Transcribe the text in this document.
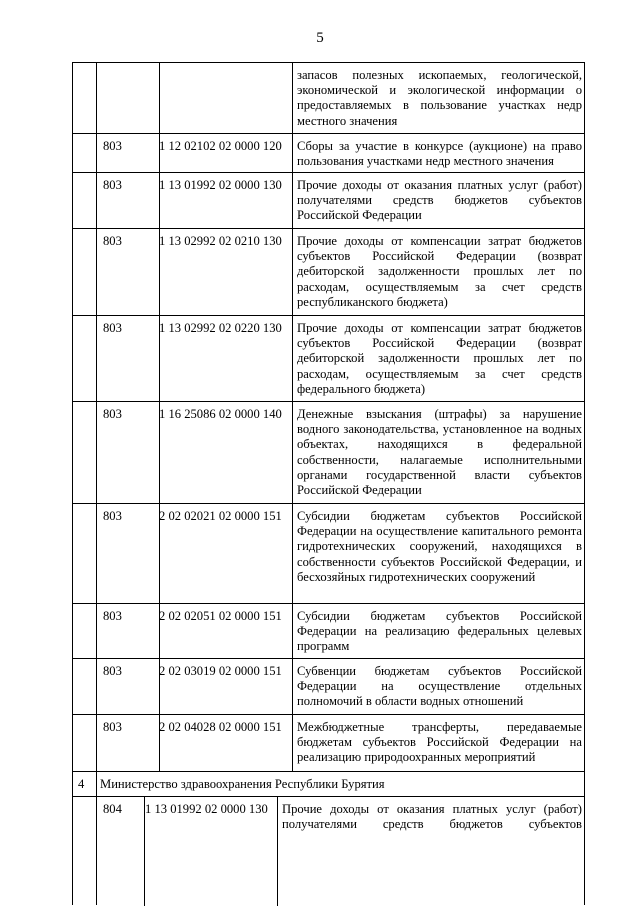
5
запасов полезных ископаемых, геологической, экономической и экологической информации о предоставляемых в пользование участках недр местного значения
803	1 12 02102 02 0000 120 Сборы за участие в конкурсе (аукционе) на право пользования участками недр местного значения
803	1 13 01992 02 0000 130 Прочие доходы от оказания платных услуг (работ) получателями средств бюджетов субъектов Российской Федерации
803	1 13 02992 02 0210 130 Прочие доходы от компенсации затрат бюджетов субъектов Российской Федерации (возврат дебиторской задолженности прошлых лет по расходам, осуществляемым за счет средств республиканского бюджета)
803	1 13 02992 02 0220 130 Прочие доходы от компенсации затрат бюджетов субъектов Российской Федерации (возврат дебиторской задолженности прошлых лет по расходам, осуществляемым за счет средств федерального бюджета)
803	1 16 25086 02 0000 140 Денежные взыскания (штрафы) за нарушение водного законодательства, установленное на водных объектах, находящихся в федеральной собственности, налагаемые исполнительными органами государственной власти субъектов Российской Федерации
803	2 02 02021 02 0000 151 Субсидии бюджетам субъектов Российской Федерации на осуществление капитального ремонта гидротехнических сооружений, находящихся в собственности субъектов Российской Федерации, и бесхозяйных гидротехнических сооружений
803	2 02 02051 02 0000 151 Субсидии бюджетам субъектов Российской Федерации на реализацию федеральных целевых программ
803	2 02 03019 02 0000 151 Субвенции бюджетам субъектов Российской Федерации на осуществление отдельных полномочий в области водных отношений
803	2 02 04028 02 0000 151 Межбюджетные трансферты, передаваемые бюджетам субъектов Российской Федерации на реализацию природоохранных мероприятий
4 Министерство здравоохранения Республики Бурятия
804 1 13 01992 02 0000 130 Прочие доходы от оказания платных услуг (работ) получателями средств бюджетов субъектов
